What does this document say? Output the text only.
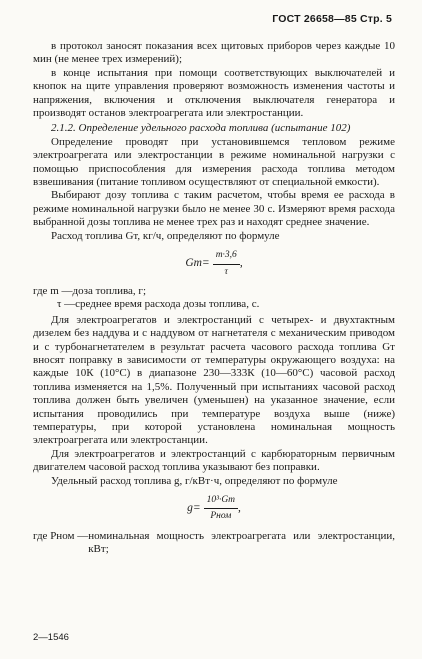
ГОСТ 26658—85 Стр. 5

в протокол заносят показания всех щитовых приборов через каждые 10 мин (не менее трех измерений);

в конце испытания при помощи соответствующих выключателей и кнопок на щите управления проверяют возможность изменения частоты и напряжения, включения и отключения выключателя генератора и производят останов электроагрегата или электростанции.

2.1.2. Определение удельного расхода топлива (испытание 102)

Определение проводят при установившемся тепловом режиме электроагрегата или электростанции в режиме номинальной нагрузки с помощью приспособления для измерения расхода топлива методом взвешивания (питание топливом осуществляют от специальной емкости).

Выбирают дозу топлива с таким расчетом, чтобы время ее расхода в режиме номинальной нагрузки было не менее 30 с. Измеряют время расхода выбранной дозы топлива не менее трех раз и находят среднее значение.

Расход топлива Gт, кг/ч, определяют по формуле

$Gт= \frac{m\cdot 3,6}{\tau}$ ,
где m — доза топлива, г;
τ — среднее время расхода дозы топлива, с.

Для электроагрегатов и электростанций с четырех- и двухтактным дизелем без наддува и с наддувом от нагнетателя с механическим приводом и с турбонагнетателем в результат расчета часового расхода топлива Gт вносят поправку в зависимости от температуры окружающего воздуха: на каждые 10К (10°C) в диапазоне 230—333К (10—60°C) часовой расход топлива изменяется на 1,5%. Полученный при испытаниях часовой расход топлива должен быть увеличен (уменьшен) на указанное значение, если испытания проводились при температуре воздуха выше (ниже) температуры, при которой установлена номинальная мощность электроагрегата или электростанции.

Для электроагрегатов и электростанций с карбюраторным первичным двигателем часовой расход топлива указывают без поправки.

Удельный расход топлива g, г/кВт·ч, определяют по формуле

$g= \frac{\text{10³·Gт}}{\text{Pном}}$ ,
где Pном — номинальная мощность электроагрегата или электростанции, кВт;
2—1546
